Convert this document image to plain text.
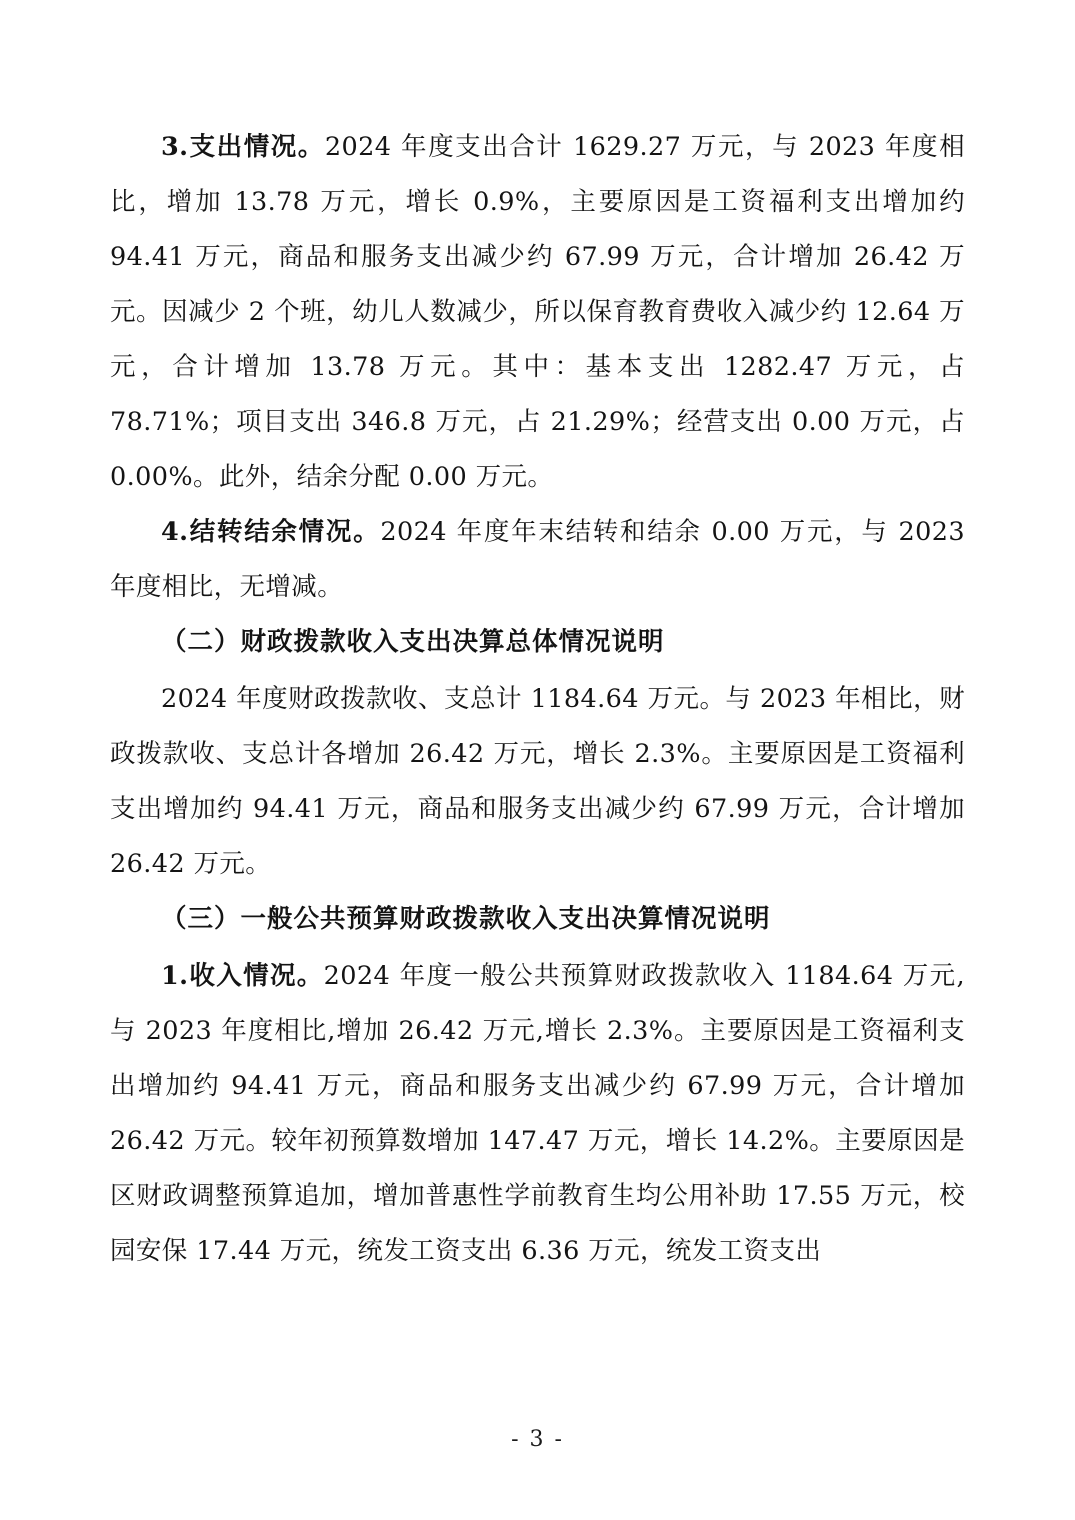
3.支出情况。2024 年度支出合计 1629.27 万元，与 2023 年度相比，增加 13.78 万元，增长 0.9%，主要原因是工资福利支出增加约 94.41 万元，商品和服务支出减少约 67.99 万元，合计增加 26.42 万元。因减少 2 个班，幼儿人数减少，所以保育教育费收入减少约 12.64 万元，合计增加 13.78 万元。其中：基本支出 1282.47 万元，占 78.71%；项目支出 346.8 万元，占 21.29%；经营支出 0.00 万元，占 0.00%。此外，结余分配 0.00 万元。

4.结转结余情况。2024 年度年末结转和结余 0.00 万元，与 2023 年度相比，无增减。

（二）财政拨款收入支出决算总体情况说明

2024 年度财政拨款收、支总计 1184.64 万元。与 2023 年相比，财政拨款收、支总计各增加 26.42 万元，增长 2.3%。主要原因是工资福利支出增加约 94.41 万元，商品和服务支出减少约 67.99 万元，合计增加 26.42 万元。

（三）一般公共预算财政拨款收入支出决算情况说明

1.收入情况。2024 年度一般公共预算财政拨款收入 1184.64 万元,与 2023 年度相比,增加 26.42 万元,增长 2.3%。主要原因是工资福利支出增加约 94.41 万元，商品和服务支出减少约 67.99 万元，合计增加 26.42 万元。较年初预算数增加 147.47 万元，增长 14.2%。主要原因是区财政调整预算追加，增加普惠性学前教育生均公用补助 17.55 万元，校园安保 17.44 万元，统发工资支出 6.36 万元，统发工资支出

- 3 -
